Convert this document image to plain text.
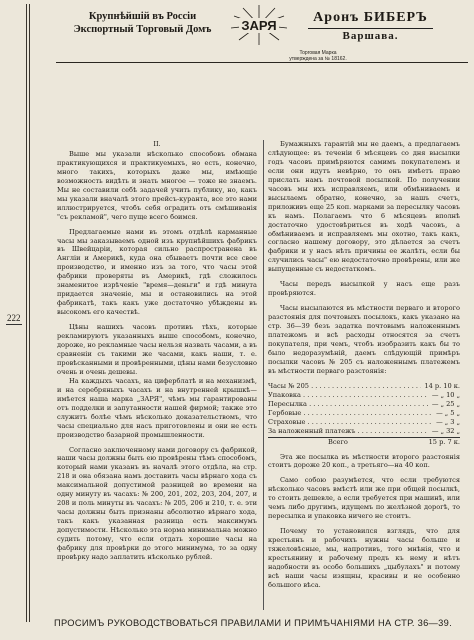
222
Крупнѣйшiй въ Россiи
Экспортный Торговый Домъ	ЗАРЯ
Аронъ БИБЕРЪ
Варшава.
Торговая Марка
утверждена за № 18162.

II.

Выше мы указали нѣсколько способовъ обмана практикующихся и практикуемыхъ, но есть, конечно, много такихъ, которыхъ даже мы, имѣющiе возможность видѣть и знать многое — тоже не знаемъ. Мы не составили себѣ задачей учить публику, но, какъ мы указали вначалѣ этого прейсъ-куранта, все это нами иллюстрируется, чтобъ себя оградить отъ смѣшиванiя "съ рекламой", чего пуще всего боимся.

Предлагаемые нами въ этомъ отдѣлѣ карманные часы мы заказываемъ одной изъ крупнѣйшихъ фабрикъ въ Швейцарiи, которая сильно распространена въ Англiи и Америкѣ, куда она сбываетъ почти все свое производство, и именно изъ за того, что часы этой фабрики проверяты въ Америкѣ, гдѣ сложилось знаменитое изрѣченiе "время—деньги" и гдѣ минута придается значенiе, мы и остановились на этой фабрикатѣ, такъ какъ уже достаточно убѣждены въ высокомъ его качествѣ.

Цѣны нашихъ часовъ противъ тѣхъ, которые рекламируютъ указанныхъ выше способомъ, конечно, дороже, но рекламные часы нельзя назвать часами, а въ сравненiи съ такими же часами, какъ наши, т. е. провѣсканными и провѣренными, цѣны нами безусловно очень и очень дешевы.

На каждыхъ часахъ, на циферблатѣ и на механизмѣ, и на серебряныхъ часахъ и на внутренней крышкѣ—имѣется наша марка „ЗАРЯ", чѣмъ мы гарантированы отъ подделки и запутанности нашей фирмой; также это служитъ болѣе чѣмъ нѣсколько доказательствомъ, что часы специально для насъ приготовлены и они не есть производство базарной промышленности.

Согласно заключенному нами договору съ фабрикой, наши часы должны быть ею провѣрены тѣмъ способомъ, который нами указанъ въ началѣ этого отдѣла, на стр. 218 и она обязана намъ доставить часы вѣрнаго хода съ максимальной допустимой разницей во времени на одну минуту въ часахъ: № 200, 201, 202, 203, 204, 207, и 208 и поль минуты въ часахъ: № 205, 206 и 210, т. е. эти часы должны быть признаны абсолютно вѣрнаго хода, такъ какъ указанная разница есть максимумъ допустимости. Нѣсколько эта норма минимальна можно судить потому, что если отдать хорошие часы на фабрику для провѣрки до этого минимума, то за одну провѣрку надо заплатить нѣсколько рублей.

Бумажныхъ гарантiй мы не даемъ, а предлагаемъ слѣдующее: въ теченiи 6 мѣсяцевъ со дня высылки годъ часовъ примѣряются самимъ покупателемъ и если они идутъ невѣрно, то онъ имѣетъ право прислать намъ почтовой посылкой. По получении часовъ мы ихъ исправляемъ, или обмѣниваемъ и высылаемъ обратно, конечно, за нашъ счетъ, приложивъ еще 25 коп. марками за пересылку часовъ къ намъ. Полагаемъ что 6 мѣсяцевъ вполнѣ достаточно удостовѣриться въ ходѣ часовъ, а обмѣниваемъ и исправляемъ мы охотно, такъ какъ, согласно нашему договору, это дѣлается за счетъ фабрики и у насъ нѣть причины ее жалѣть, если бы случились часы" ею недостаточно провѣрены, или же выпущенные съ недостаткомъ.

Часы передъ высылкой у насъ еще разъ провѣряются.

Часы высылаются въ мѣстности перваго и второго разстоянiя для почтовыхъ посылокъ, какъ указано на стр. 36—39 безъ задатка почтовымъ наложеннымъ платежомъ и всѣ расходы относятся за счетъ покупателя, при чемъ, чтобъ изобразить какъ бы то было недоразумѣнiй, даемъ слѣдующiй примѣръ посылки часовъ № 205 съ наложеннымъ платежемъ въ мѣстности перваго разстоянiя:

Часы № 205 . . .	14 р. 10 к.
Упаковка . . .	— „ 10 „
Пересылка . . .	— „ 25 „
Гербовые . . .	— „ 5 „
Страховые . . .	— „ 3 „
За наложенный платежъ . . .	— „ 32 „
Всего	15 р. 7 к.

Эта же посылка въ мѣстности второго разстоянiя стоитъ дороже 20 коп., а третьяго—на 40 коп.

Само собою разумѣется, что если требуются нѣсколько часовъ вмѣстѣ или же при общей посылкѣ, то стоить дешевле, а если требуется при машинѣ, или чемъ либо другимъ, идущемъ по желѣзной дорогѣ, то пересылка и упаковка ничего не стоитъ.

Почему то установился взглядъ, что для крестьянъ и рабочихъ нужны часы больше и тяжеловѣсные, мы, напротивъ, того мнѣнiя, что и крестьянину и рабочему предъ къ нему и нѣтъ надобности въ особо большихъ „цыбулахъ" и потому всѣ наши часы изящны, красивы и не особенно большого вѣса.

ПРОСИМЪ РУКОВОДСТВОВАТЬСЯ ПРАВИЛАМИ И ПРИМѢЧАНIЯМИ НА СТР. 36—39.
